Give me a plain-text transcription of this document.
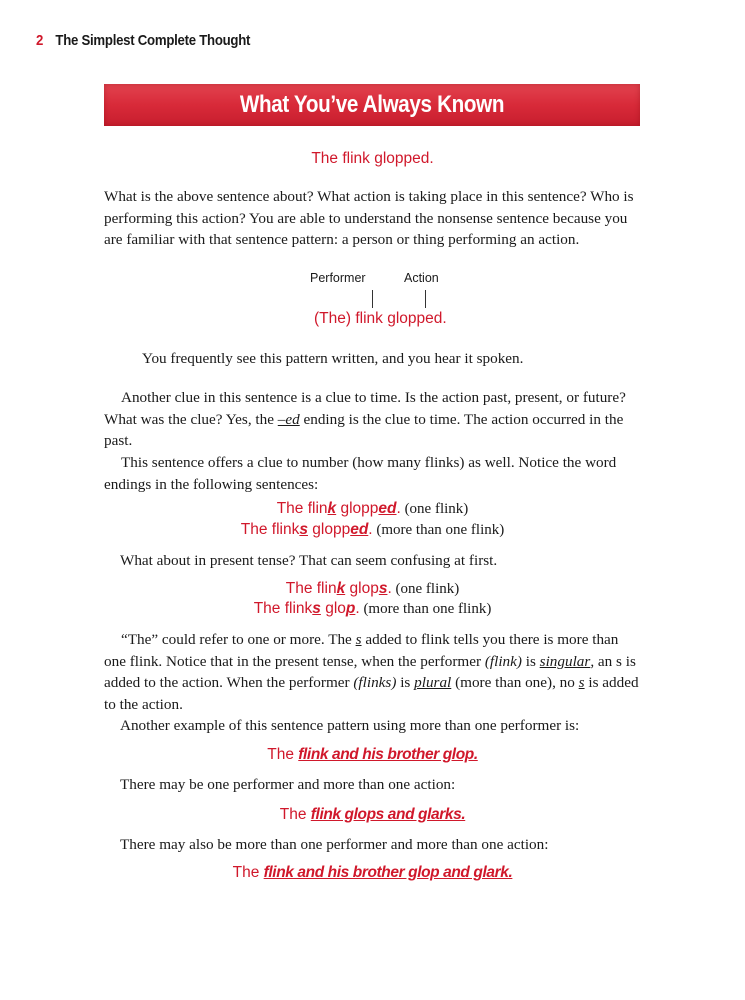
2 The Simplest Complete Thought
What You’ve Always Known
The flink glopped.

What is the above sentence about? What action is taking place in this sentence? Who is performing this action? You are able to understand the nonsense sentence because you are familiar with that sentence pattern: a person or thing performing an action.

Performer	Action
(The) flink glopped.

You frequently see this pattern written, and you hear it spoken.

Another clue in this sentence is a clue to time. Is the action past, present, or future? What was the clue? Yes, the –ed ending is the clue to time. The action occurred in the past.

This sentence offers a clue to number (how many flinks) as well. Notice the word endings in the following sentences:

The flink glopped. (one flink)
The flinks glopped. (more than one flink)

What about in present tense? That can seem confusing at first.

The flink glops. (one flink)
The flinks glop. (more than one flink)

“The” could refer to one or more. The s added to flink tells you there is more than one flink. Notice that in the present tense, when the performer (flink) is singular, an s is added to the action. When the performer (flinks) is plural (more than one), no s is added to the action.

Another example of this sentence pattern using more than one performer is:

The flink and his brother glop.

There may be one performer and more than one action:

The flink glops and glarks.

There may also be more than one performer and more than one action:

The flink and his brother glop and glark.
